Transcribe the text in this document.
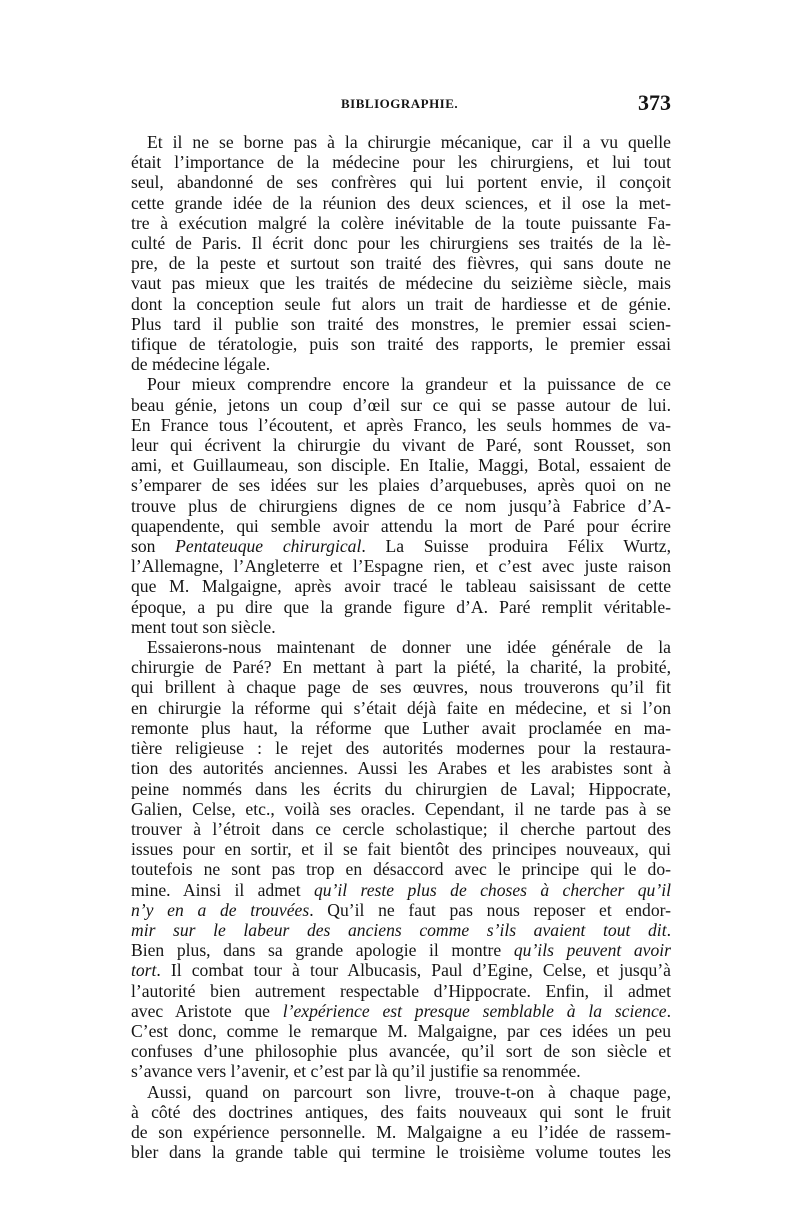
BIBLIOGRAPHIE.	373
Et il ne se borne pas à la chirurgie mécanique, car il a vu quelle
était l’importance de la médecine pour les chirurgiens, et lui tout
seul, abandonné de ses confrères qui lui portent envie, il conçoit
cette grande idée de la réunion des deux sciences, et il ose la met-
tre à exécution malgré la colère inévitable de la toute puissante Fa-
culté de Paris. Il écrit donc pour les chirurgiens ses traités de la lè-
pre, de la peste et surtout son traité des fièvres, qui sans doute ne
vaut pas mieux que les traités de médecine du seizième siècle, mais
dont la conception seule fut alors un trait de hardiesse et de génie.
Plus tard il publie son traité des monstres, le premier essai scien-
tifique de tératologie, puis son traité des rapports, le premier essai
de médecine légale.
Pour mieux comprendre encore la grandeur et la puissance de ce
beau génie, jetons un coup d’œil sur ce qui se passe autour de lui.
En France tous l’écoutent, et après Franco, les seuls hommes de va-
leur qui écrivent la chirurgie du vivant de Paré, sont Rousset, son
ami, et Guillaumeau, son disciple. En Italie, Maggi, Botal, essaient de
s’emparer de ses idées sur les plaies d’arquebuses, après quoi on ne
trouve plus de chirurgiens dignes de ce nom jusqu’à Fabrice d’A-
quapendente, qui semble avoir attendu la mort de Paré pour écrire
son Pentateuque chirurgical. La Suisse produira Félix Wurtz,
l’Allemagne, l’Angleterre et l’Espagne rien, et c’est avec juste raison
que M. Malgaigne, après avoir tracé le tableau saisissant de cette
époque, a pu dire que la grande figure d’A. Paré remplit véritable-
ment tout son siècle.
Essaierons-nous maintenant de donner une idée générale de la
chirurgie de Paré? En mettant à part la piété, la charité, la probité,
qui brillent à chaque page de ses œuvres, nous trouverons qu’il fit
en chirurgie la réforme qui s’était déjà faite en médecine, et si l’on
remonte plus haut, la réforme que Luther avait proclamée en ma-
tière religieuse : le rejet des autorités modernes pour la restaura-
tion des autorités anciennes. Aussi les Arabes et les arabistes sont à
peine nommés dans les écrits du chirurgien de Laval; Hippocrate,
Galien, Celse, etc., voilà ses oracles. Cependant, il ne tarde pas à se
trouver à l’étroit dans ce cercle scholastique; il cherche partout des
issues pour en sortir, et il se fait bientôt des principes nouveaux, qui
toutefois ne sont pas trop en désaccord avec le principe qui le do-
mine. Ainsi il admet qu’il reste plus de choses à chercher qu’il
n’y en a de trouvées. Qu’il ne faut pas nous reposer et endor-
mir sur le labeur des anciens comme s’ils avaient tout dit.
Bien plus, dans sa grande apologie il montre qu’ils peuvent avoir
tort. Il combat tour à tour Albucasis, Paul d’Egine, Celse, et jusqu’à
l’autorité bien autrement respectable d’Hippocrate. Enfin, il admet
avec Aristote que l’expérience est presque semblable à la science.
C’est donc, comme le remarque M. Malgaigne, par ces idées un peu
confuses d’une philosophie plus avancée, qu’il sort de son siècle et
s’avance vers l’avenir, et c’est par là qu’il justifie sa renommée.
Aussi, quand on parcourt son livre, trouve-t-on à chaque page,
à côté des doctrines antiques, des faits nouveaux qui sont le fruit
de son expérience personnelle. M. Malgaigne a eu l’idée de rassem-
bler dans la grande table qui termine le troisième volume toutes les
